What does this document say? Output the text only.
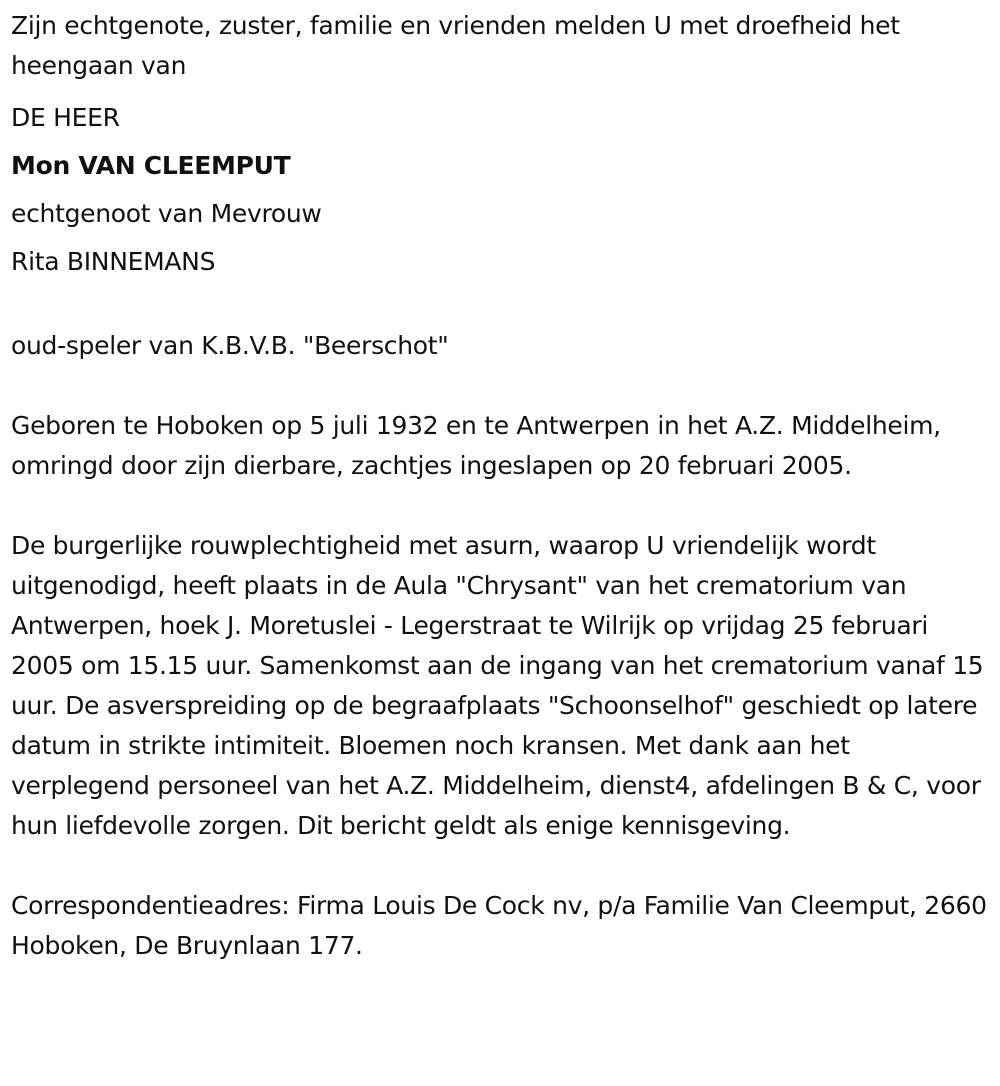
Zijn echtgenote, zuster, familie en vrienden melden U met droefheid het heengaan van

DE HEER

Mon VAN CLEEMPUT

echtgenoot van Mevrouw

Rita BINNEMANS

oud-speler van K.B.V.B. "Beerschot"

Geboren te Hoboken op 5 juli 1932 en te Antwerpen in het A.Z. Middelheim, omringd door zijn dierbare, zachtjes ingeslapen op 20 februari 2005.

De burgerlijke rouwplechtigheid met asurn, waarop U vriendelijk wordt uitgenodigd, heeft plaats in de Aula "Chrysant" van het crematorium van Antwerpen, hoek J. Moretuslei - Legerstraat te Wilrijk op vrijdag 25 februari 2005 om 15.15 uur. Samenkomst aan de ingang van het crematorium vanaf 15 uur. De asverspreiding op de begraafplaats "Schoonselhof" geschiedt op latere datum in strikte intimiteit. Bloemen noch kransen. Met dank aan het verplegend personeel van het A.Z. Middelheim, dienst4, afdelingen B & C, voor hun liefdevolle zorgen. Dit bericht geldt als enige kennisgeving.

Correspondentieadres: Firma Louis De Cock nv, p/a Familie Van Cleemput, 2660 Hoboken, De Bruynlaan 177.
